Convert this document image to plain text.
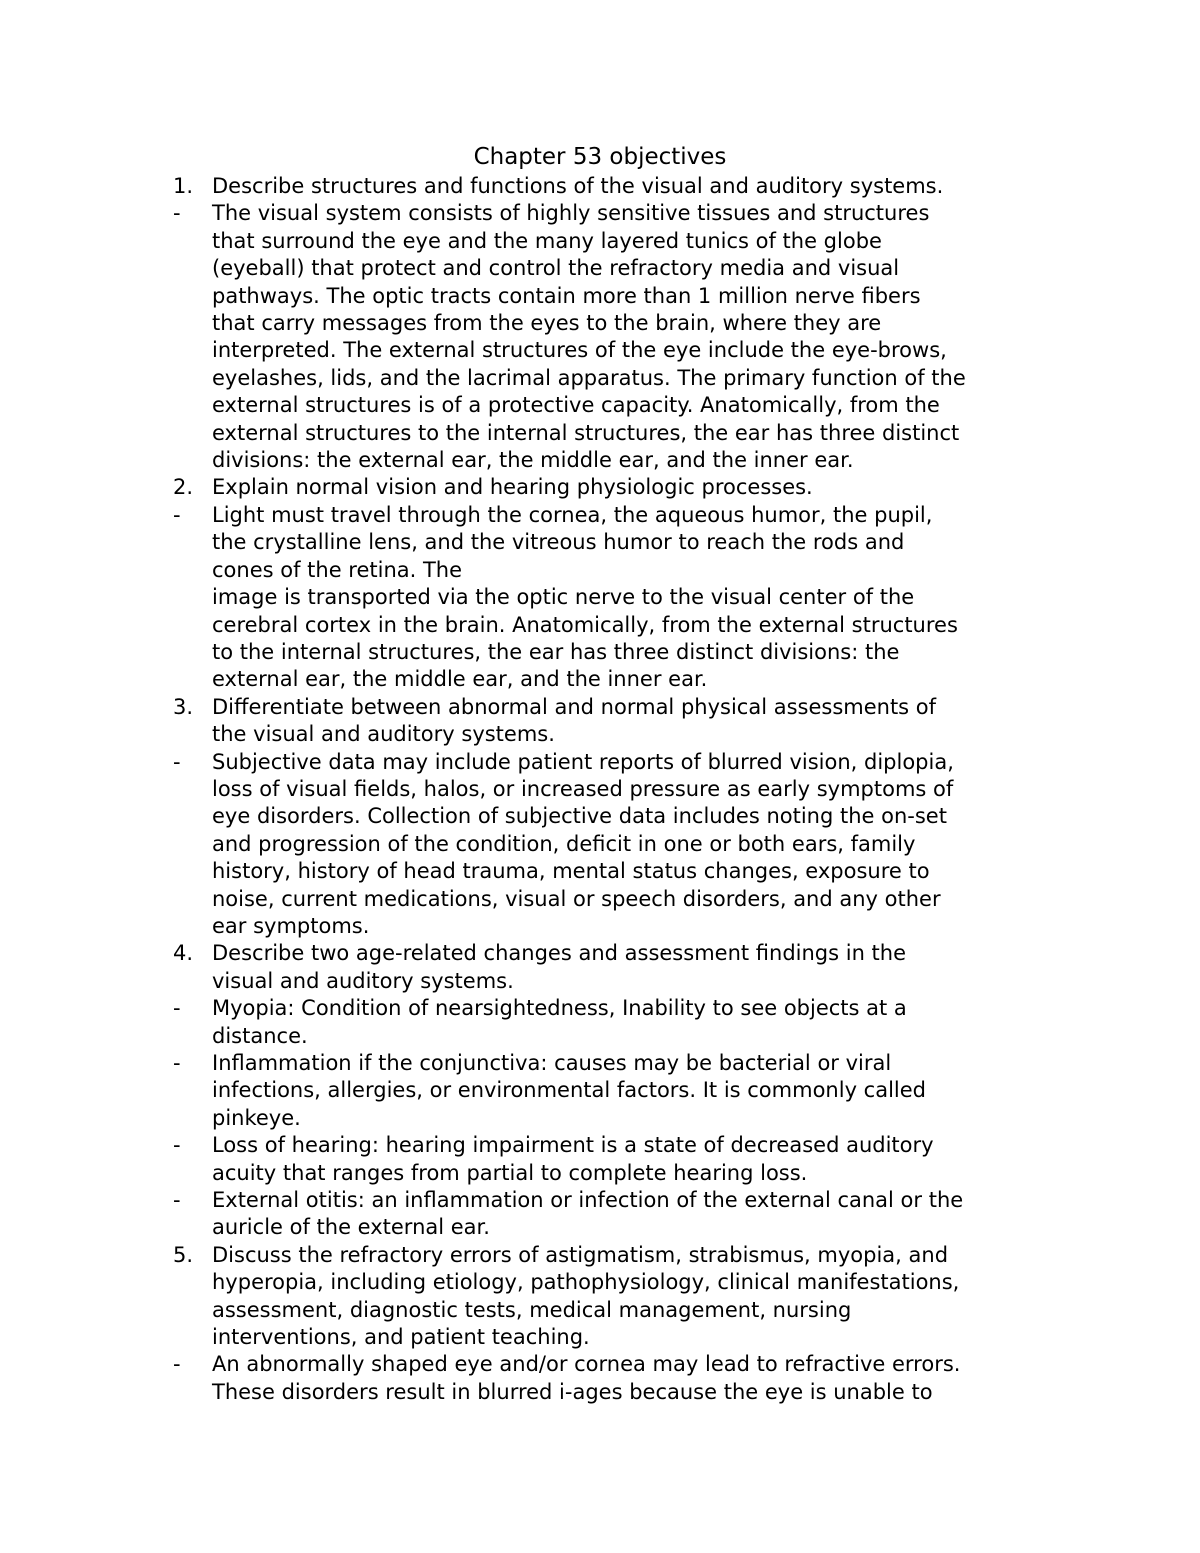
Chapter 53 objectives
1. Describe structures and functions of the visual and auditory systems.
-	The visual system consists of highly sensitive tissues and structures
that surround the eye and the many layered tunics of the globe
(eyeball) that protect and control the refractory media and visual
pathways. The optic tracts contain more than 1 million nerve fibers
that carry messages from the eyes to the brain, where they are
interpreted. The external structures of the eye include the eye-brows,
eyelashes, lids, and the lacrimal apparatus. The primary function of the
external structures is of a protective capacity. Anatomically, from the
external structures to the internal structures, the ear has three distinct
divisions: the external ear, the middle ear, and the inner ear.
2. Explain normal vision and hearing physiologic processes.
-	Light must travel through the cornea, the aqueous humor, the pupil,
the crystalline lens, and the vitreous humor to reach the rods and
cones of the retina. The
image is transported via the optic nerve to the visual center of the
cerebral cortex in the brain. Anatomically, from the external structures
to the internal structures, the ear has three distinct divisions: the
external ear, the middle ear, and the inner ear.
3. Differentiate between abnormal and normal physical assessments of
the visual and auditory systems.
-	Subjective data may include patient reports of blurred vision, diplopia,
loss of visual fields, halos, or increased pressure as early symptoms of
eye disorders. Collection of subjective data includes noting the on-set
and progression of the condition, deficit in one or both ears, family
history, history of head trauma, mental status changes, exposure to
noise, current medications, visual or speech disorders, and any other
ear symptoms.
4. Describe two age-related changes and assessment findings in the
visual and auditory systems.
-	Myopia: Condition of nearsightedness, Inability to see objects at a
distance.
-	Inflammation if the conjunctiva: causes may be bacterial or viral
infections, allergies, or environmental factors. It is commonly called
pinkeye.
-	Loss of hearing: hearing impairment is a state of decreased auditory
acuity that ranges from partial to complete hearing loss.
-	External otitis: an inflammation or infection of the external canal or the
auricle of the external ear.
5. Discuss the refractory errors of astigmatism, strabismus, myopia, and
hyperopia, including etiology, pathophysiology, clinical manifestations,
assessment, diagnostic tests, medical management, nursing
interventions, and patient teaching.
-	An abnormally shaped eye and/or cornea may lead to refractive errors.
These disorders result in blurred i-ages because the eye is unable to
